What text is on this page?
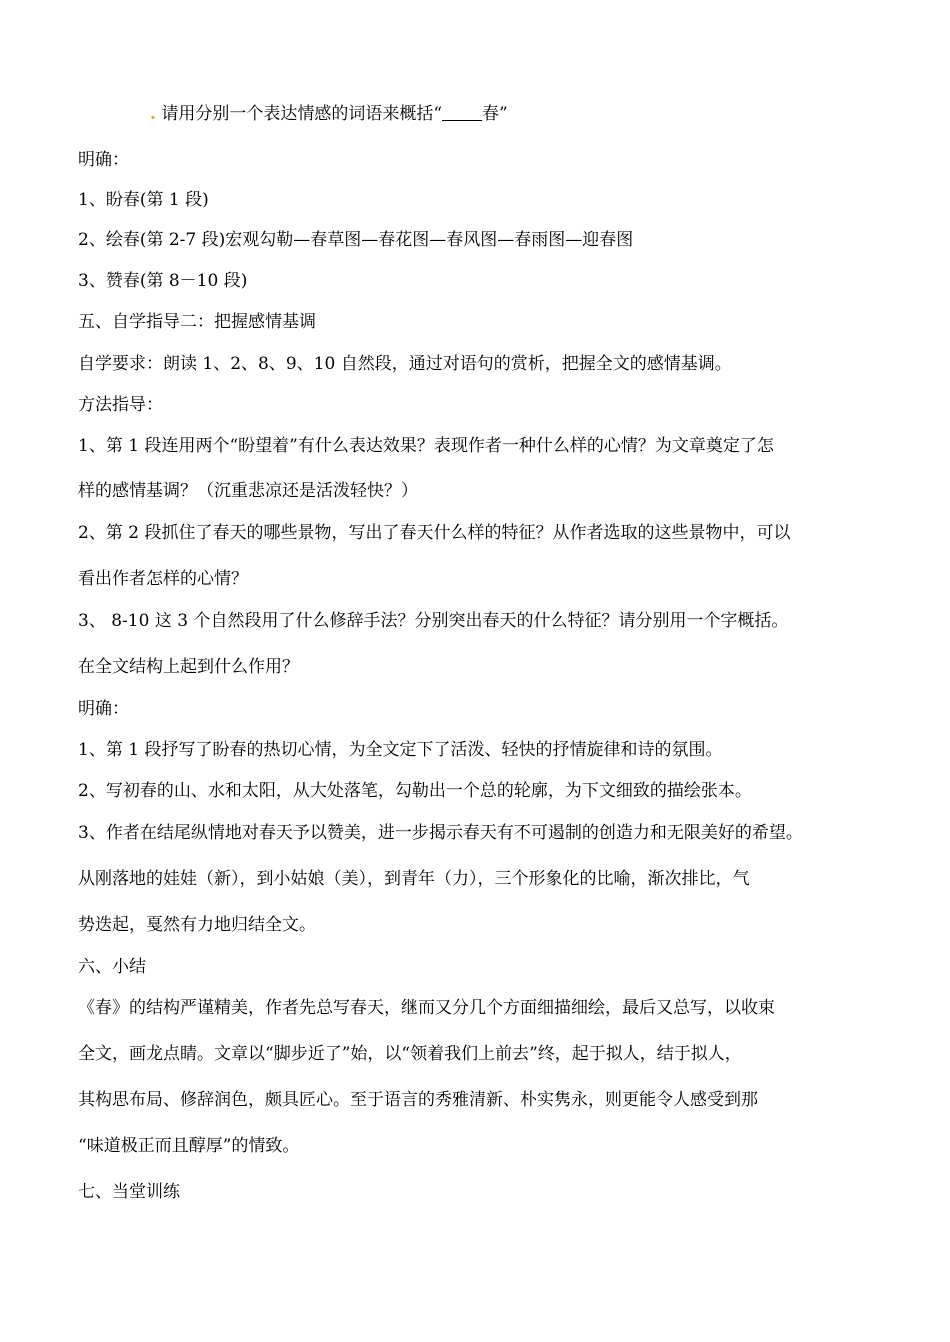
. 请用分别一个表达情感的词语来概括“ 春”
明确：
1、盼春(第 1 段)
2、绘春(第 2-7 段)宏观勾勒—春草图—春花图—春风图—春雨图—迎春图
3、赞春(第 8－10 段)
五、自学指导二：把握感情基调
自学要求：朗读 1、2、8、9、10 自然段，通过对语句的赏析，把握全文的感情基调。
方法指导：
1、第 1 段连用两个“盼望着”有什么表达效果？表现作者一种什么样的心情？为文章奠定了怎
样的感情基调？（沉重悲凉还是活泼轻快？）
2、第 2 段抓住了春天的哪些景物，写出了春天什么样的特征？从作者选取的这些景物中，可以
看出作者怎样的心情？
3、 8-10 这 3 个自然段用了什么修辞手法？分别突出春天的什么特征？请分别用一个字概括。
在全文结构上起到什么作用？
明确：
1、第 1 段抒写了盼春的热切心情，为全文定下了活泼、轻快的抒情旋律和诗的氛围。
2、写初春的山、水和太阳，从大处落笔，勾勒出一个总的轮廓，为下文细致的描绘张本。
3、作者在结尾纵情地对春天予以赞美，进一步揭示春天有不可遏制的创造力和无限美好的希望。
从刚落地的娃娃（新），到小姑娘（美），到青年（力），三个形象化的比喻，渐次排比，气
势迭起，戛然有力地归结全文。
六、小结
《春》的结构严谨精美，作者先总写春天，继而又分几个方面细描细绘，最后又总写，以收束
全文，画龙点睛。文章以“脚步近了”始，以“领着我们上前去”终，起于拟人，结于拟人，
其构思布局、修辞润色，颇具匠心。至于语言的秀雅清新、朴实隽永，则更能令人感受到那
“味道极正而且醇厚”的情致。
七、当堂训练
